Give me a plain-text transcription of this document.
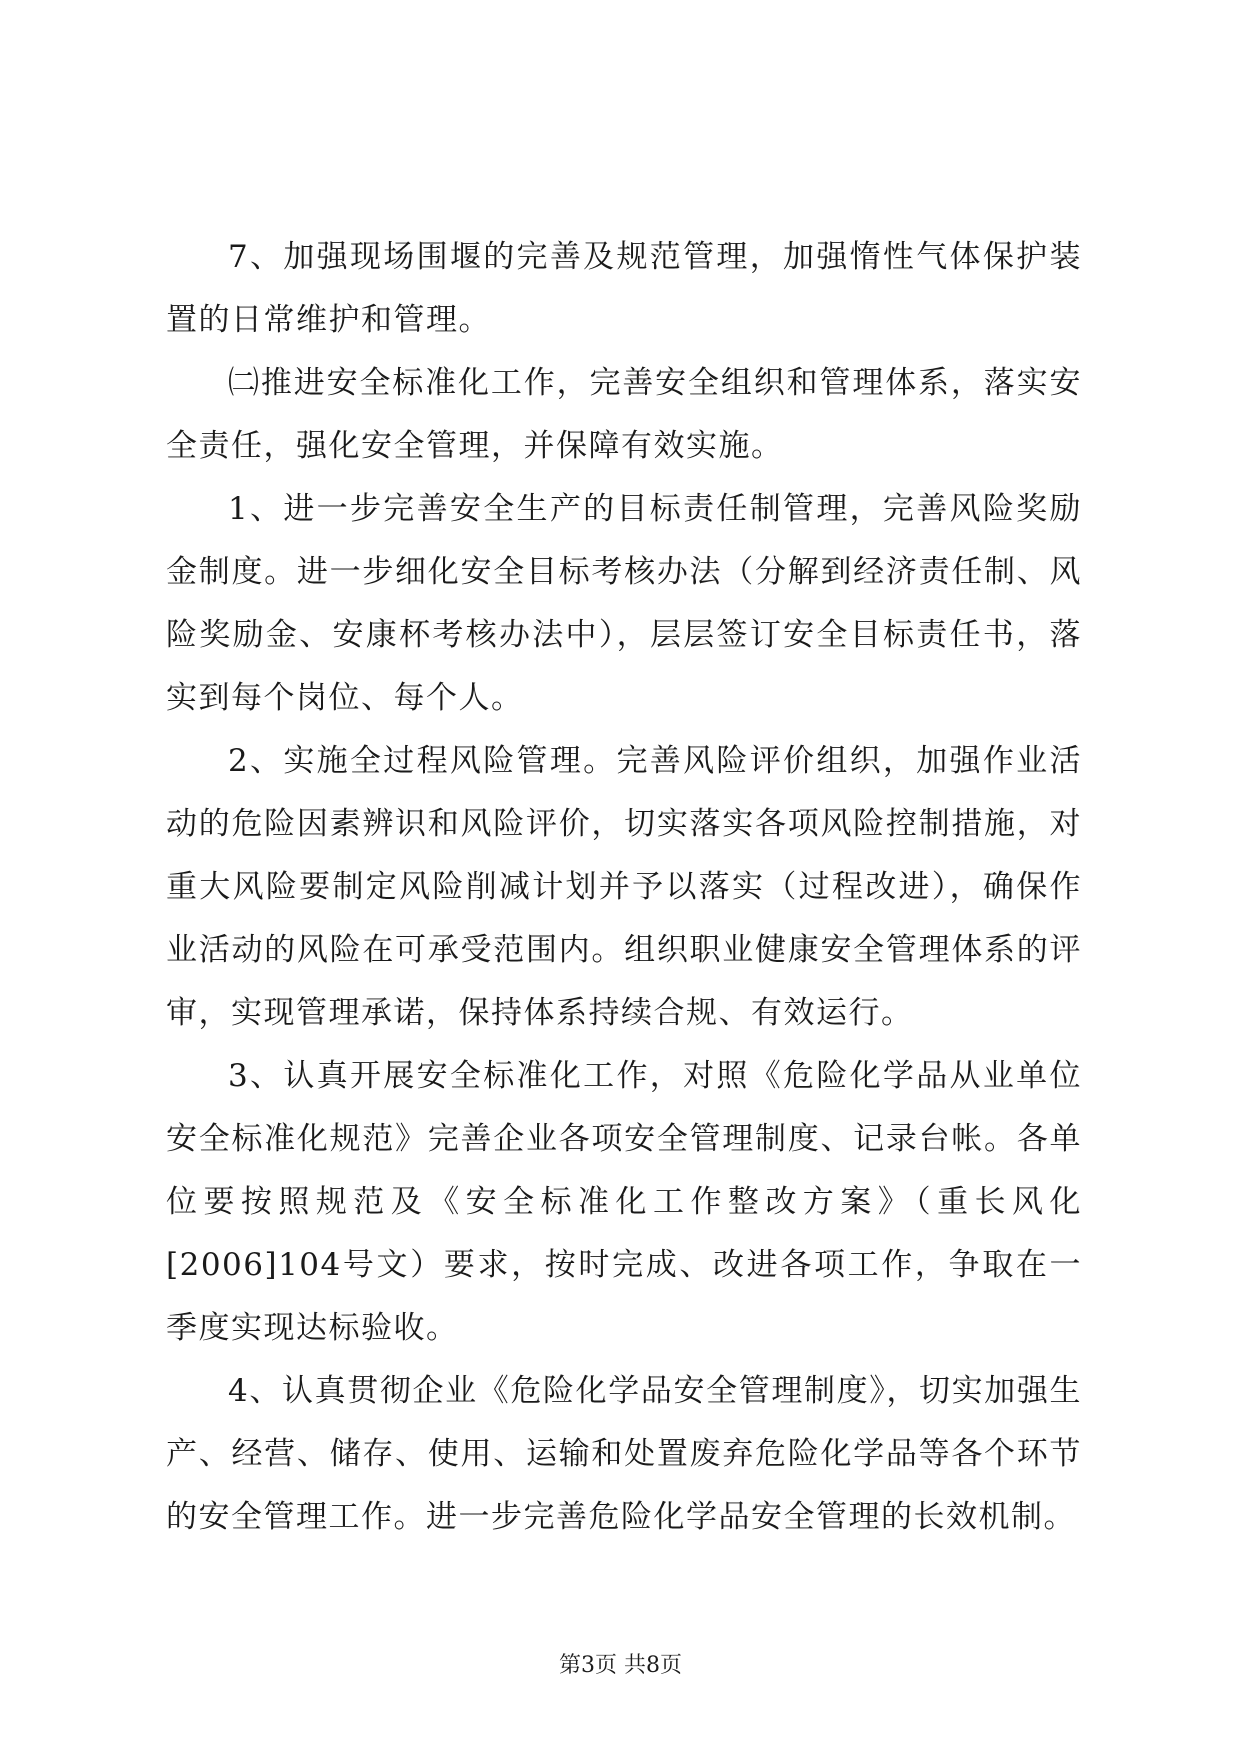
7、加强现场围堰的完善及规范管理，加强惰性气体保护装置的日常维护和管理。

㈡推进安全标准化工作，完善安全组织和管理体系，落实安全责任，强化安全管理，并保障有效实施。

1、进一步完善安全生产的目标责任制管理，完善风险奖励金制度。进一步细化安全目标考核办法（分解到经济责任制、风险奖励金、安康杯考核办法中），层层签订安全目标责任书，落实到每个岗位、每个人。

2、实施全过程风险管理。完善风险评价组织，加强作业活动的危险因素辨识和风险评价，切实落实各项风险控制措施，对重大风险要制定风险削减计划并予以落实（过程改进），确保作业活动的风险在可承受范围内。组织职业健康安全管理体系的评审，实现管理承诺，保持体系持续合规、有效运行。

3、认真开展安全标准化工作，对照《危险化学品从业单位安全标准化规范》完善企业各项安全管理制度、记录台帐。各单位要按照规范及《安全标准化工作整改方案》（重长风化[2006]104号文）要求，按时完成、改进各项工作，争取在一季度实现达标验收。

4、认真贯彻企业《危险化学品安全管理制度》，切实加强生产、经营、储存、使用、运输和处置废弃危险化学品等各个环节的安全管理工作。进一步完善危险化学品安全管理的长效机制。

第3页 共8页
